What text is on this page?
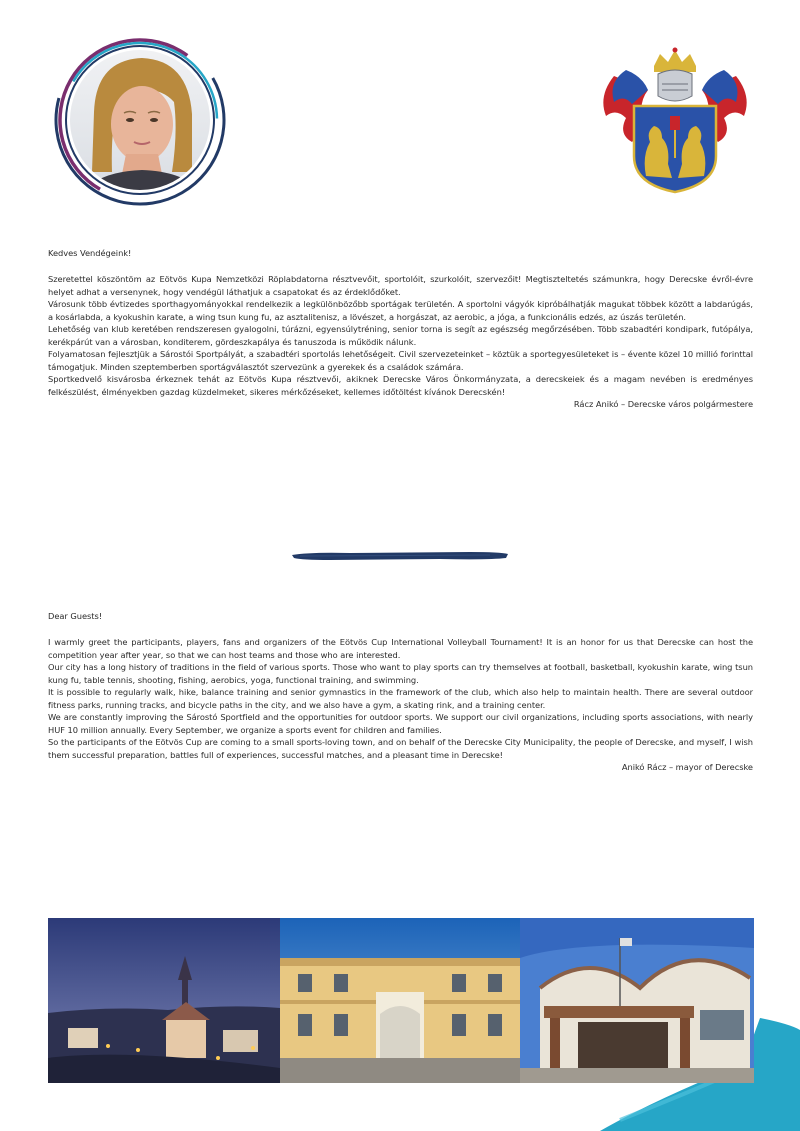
Kedves Vendégeink!

Szeretettel köszöntöm az Eötvös Kupa Nemzetközi Röplabdatorna résztvevőit, sportolóit, szurkolóit, szervezőit! Megtiszteltetés számunkra, hogy Derecske évről-évre helyet adhat a versenynek, hogy vendégül láthatjuk a csapatokat és az érdeklődőket.

Városunk több évtizedes sporthagyományokkal rendelkezik a legkülönbözőbb sportágak területén. A sportolni vágyók kipróbálhatják magukat többek között a labdarúgás, a kosárlabda, a kyokushin karate, a wing tsun kung fu, az asztalitenisz, a lövészet, a horgászat, az aerobic, a jóga, a funkcionális edzés, az úszás területén.

Lehetőség van klub keretében rendszeresen gyalogolni, túrázni, egyensúlytréning, senior torna is segít az egészség megőrzésében. Több szabadtéri kondipark, futópálya, kerékpárút van a városban, konditerem, gördeszkapálya és tanuszoda is működik nálunk.

Folyamatosan fejlesztjük a Sárostói Sportpályát, a szabadtéri sportolás lehetőségeit. Civil szervezeteinket – köztük a sportegyesületeket is – évente közel 10 millió forinttal támogatjuk. Minden szeptemberben sportágválasztót szervezünk a gyerekek és a családok számára.

Sportkedvelő kisvárosba érkeznek tehát az Eötvös Kupa résztvevői, akiknek Derecske Város Önkormányzata, a derecskeiek és a magam nevében is eredményes felkészülést, élményekben gazdag küzdelmeket, sikeres mérkőzéseket, kellemes időtöltést kívánok Derecskén!

Rácz Anikó – Derecske város polgármestere

Dear Guests!

I warmly greet the participants, players, fans and organizers of the Eötvös Cup International Volleyball Tournament! It is an honor for us that Derecske can host the competition year after year, so that we can host teams and those who are interested.

Our city has a long history of traditions in the field of various sports. Those who want to play sports can try themselves at football, basketball, kyokushin karate, wing tsun kung fu, table tennis, shooting, fishing, aerobics, yoga, functional training, and swimming.

It is possible to regularly walk, hike, balance training and senior gymnastics in the framework of the club, which also help to maintain health. There are several outdoor fitness parks, running tracks, and bicycle paths in the city, and we also have a gym, a skating rink, and a training center.

We are constantly improving the Sárostó Sportfield and the opportunities for outdoor sports. We support our civil organizations, including sports associations, with nearly HUF 10 million annually. Every September, we organize a sports event for children and families.

So the participants of the Eötvös Cup are coming to a small sports-loving town, and on behalf of the Derecske City Municipality, the people of Derecske, and myself, I wish them successful preparation, battles full of experiences, successful matches, and a pleasant time in Derecske!

Anikó Rácz – mayor of Derecske
